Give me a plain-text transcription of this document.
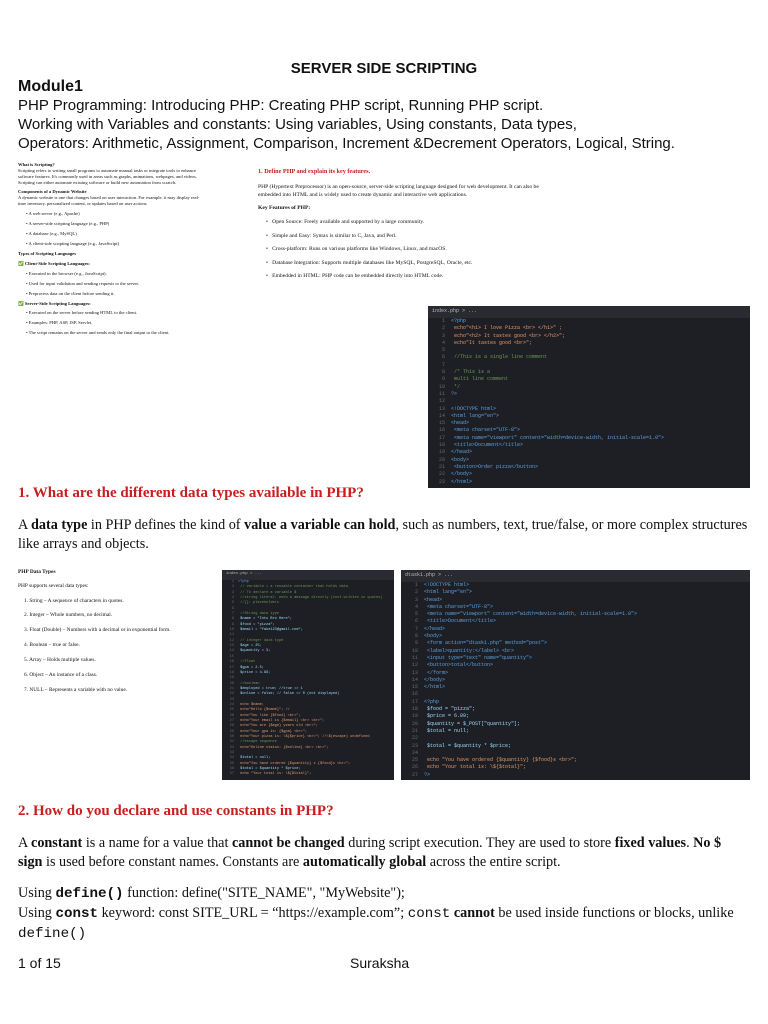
SERVER SIDE SCRIPTING
Module1
PHP Programming: Introducing PHP: Creating PHP script, Running PHP script.
Working with Variables and constants: Using variables, Using constants, Data types,
Operators: Arithmetic, Assignment, Comparison, Increment &Decrement Operators, Logical, String.
What is Scripting?
Scripting refers to writing small programs to automate manual tasks or integrate tools to enhance
software features. It's commonly used in areas such as graphs, animations, webpages, and videos.
Scripting can either automate existing software or build new automation from scratch.
Components of a Dynamic Website
A dynamic website is one that changes based on user interaction. For example, it may display real-
time inventory, personalized content, or updates based on user actions.
• A web server (e.g., Apache)
• A server-side scripting language (e.g., PHP)
• A database (e.g., MySQL)
• A client-side scripting language (e.g., JavaScript)
Types of Scripting Languages
✅ Client-Side Scripting Languages:
• Executed in the browser (e.g., JavaScript).
• Used for input validation and sending requests to the server.
• Preprocess data on the client before sending it.
✅ Server-Side Scripting Languages:
• Executed on the server before sending HTML to the client.
• Examples: PHP, ASP, JSP, Servlet.
• The script remains on the server and sends only the final output to the client.
1. Define PHP and explain its key features.
PHP (Hypertext Preprocessor) is an open-source, server-side scripting language designed for web development. It can also be embedded into HTML and is widely used to create dynamic and interactive web applications.
Key Features of PHP:
•   Open Source: Freely available and supported by a large community.
•   Simple and Easy: Syntax is similar to C, Java, and Perl.
•   Cross-platform: Runs on various platforms like Windows, Linux, and macOS.
•   Database Integration: Supports multiple databases like MySQL, PostgreSQL, Oracle, etc.
•   Embedded in HTML: PHP code can be embedded directly into HTML code.
index.php > ...
1 <?php
2 echo"<h1> I love Pizza <br> </h1>" ;
3 echo"<h2> It tastes good <br> </h2>";
4 echo"It tastes good <br>";
5
6 //This is a single line comment
7
8 /* This is a
9 multi line comment
10 */
11 ?>
12
13 <!DOCTYPE html>
14 <html lang="en">
15 <head>
16 <meta charset="UTF-8">
17 <meta name="viewport" content="width=device-width, initial-scale=1.0">
18 <title>Document</title>
19 </head>
20 <body>
21 <button>Order pizza</button>
22 </body>
23 </html>
1. What are the different data types available in PHP?
A data type in PHP defines the kind of value a variable can hold, such as numbers, text, true/false, or more complex structures like arrays and objects.
PHP Data Types
PHP supports several data types:
1. String – A sequence of characters in quotes.
2. Integer – Whole numbers, no decimal.
3. Float (Double) – Numbers with a decimal or in exponential form.
4. Boolean – true or false.
5. Array – Holds multiple values.
6. Object – An instance of a class.
7. NULL – Represents a variable with no value.
index.php > ...
1 <?php
2 // variable = a reusable container that holds data
3 // To declare a variable $
4 //string literal: echo a message directly (text written in quotes)
5 //{}: placeholders
6
7 //String data type
8 $name = "Intu Bro Here";
9 $food = "pizza";
10 $email = "fake123@gmail.com";
11
12 // integer data type
13 $age = 25;
14 $quantity = 3;
15
16 //float
17 $gpa = 2.5;
18 $price = 4.99;
19
20 //boolean
21 $employed = true; //true => 1
22 $online = false; // false => 0 (not displayed)
23
24 echo $name;
25 echo"Hello {$name}"; //
26 echo"You like {$food} <br>";
27 echo"Your email is {$email} <br> <br>";
28 echo"You are {$age} years old <br>";
29 echo"Your gpa is: {$gpa} <br>";
30 echo"Your pizza is: \${$price} <br>"; //\$(escape) undefined
31 //escape sequence
32 echo"Online status: {$online} <br> <br>";
33
34 $total = null;
35 echo"You have ordered {$quantity} x {$food}s <br>";
36 $total = $quantity * $price;
37 echo "Your total is: \${$total}";
dtask1.php > ...
1 <!DOCTYPE html>
2 <html lang="en">
3 <head>
4 <meta charset="UTF-8">
5 <meta name="viewport" content="width=device-width, initial-scale=1.0">
6 <title>Document</title>
7 </head>
8 <body>
9 <form action="dtask1.php" method="post">
10 <label>quantity:</label> <br>
11 <input type="text" name="quantity">
12 <button>total</button>
13 </form>
14 </body>
15 </html>
16
17 <?php
18 $food = "pizza";
19 $price = 6.89;
20 $quantity = $_POST["quantity"];
21 $total = null;
22
23 $total = $quantity * $price;
24
25 echo "You have ordered {$quantity} {$food}s <br>";
26 echo "Your total is: \${$total}";
27 ?>
2. How do you declare and use constants in PHP?
A constant is a name for a value that cannot be changed during script execution. They are used to store fixed values. No $ sign is used before constant names. Constants are automatically global across the entire script.
Using define() function: define("SITE_NAME", "MyWebsite");
Using const keyword: const SITE_URL = “https://example.com”; const cannot be used inside functions or blocks, unlike define()
1 of 15	Suraksha
